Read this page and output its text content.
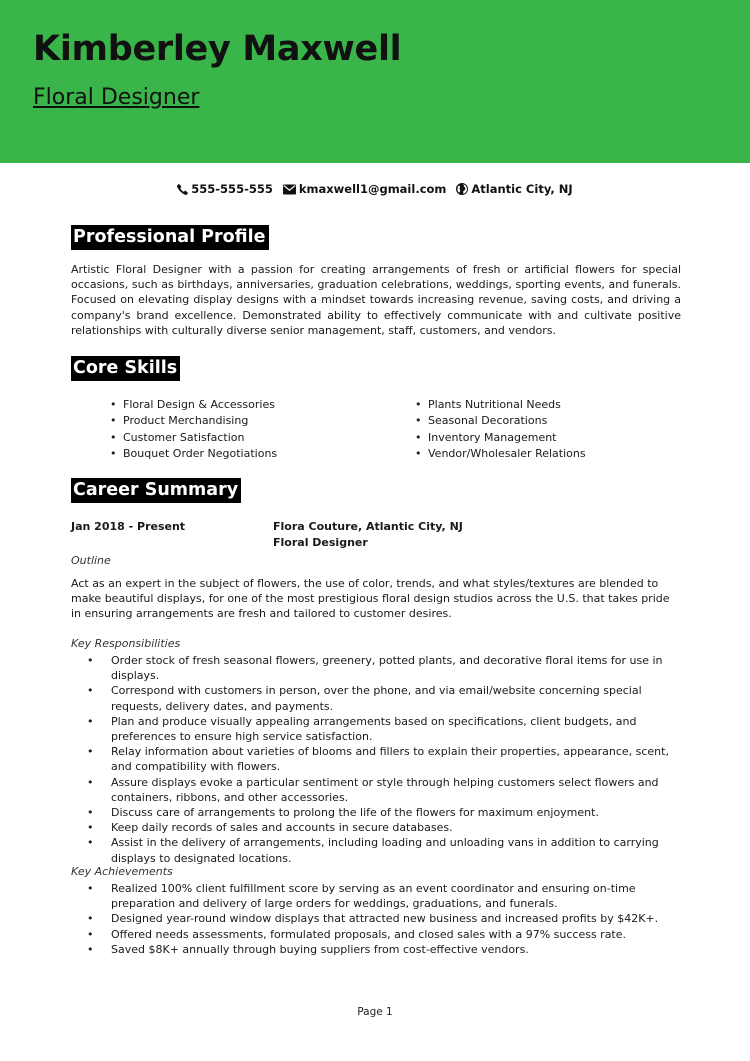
Kimberley Maxwell
Floral Designer
555-555-555 kmaxwell1@gmail.com Atlantic City, NJ
Professional Profile
Artistic Floral Designer with a passion for creating arrangements of fresh or artificial flowers for special occasions, such as birthdays, anniversaries, graduation celebrations, weddings, sporting events, and funerals. Focused on elevating display designs with a mindset towards increasing revenue, saving costs, and driving a company's brand excellence. Demonstrated ability to effectively communicate with and cultivate positive relationships with culturally diverse senior management, staff, customers, and vendors.
Core Skills
• Floral Design & Accessories
• Product Merchandising
• Customer Satisfaction
• Bouquet Order Negotiations
• Plants Nutritional Needs
• Seasonal Decorations
• Inventory Management
• Vendor/Wholesaler Relations
Career Summary
Jan 2018 - Present	Flora Couture, Atlantic City, NJ
Floral Designer
Outline
Act as an expert in the subject of flowers, the use of color, trends, and what styles/textures are blended to make beautiful displays, for one of the most prestigious floral design studios across the U.S. that takes pride in ensuring arrangements are fresh and tailored to customer desires.
Key Responsibilities
• Order stock of fresh seasonal flowers, greenery, potted plants, and decorative floral items for use in displays.
• Correspond with customers in person, over the phone, and via email/website concerning special requests, delivery dates, and payments.
• Plan and produce visually appealing arrangements based on specifications, client budgets, and preferences to ensure high service satisfaction.
• Relay information about varieties of blooms and fillers to explain their properties, appearance, scent, and compatibility with flowers.
• Assure displays evoke a particular sentiment or style through helping customers select flowers and containers, ribbons, and other accessories.
• Discuss care of arrangements to prolong the life of the flowers for maximum enjoyment.
• Keep daily records of sales and accounts in secure databases.
• Assist in the delivery of arrangements, including loading and unloading vans in addition to carrying displays to designated locations.
Key Achievements
• Realized 100% client fulfillment score by serving as an event coordinator and ensuring on-time preparation and delivery of large orders for weddings, graduations, and funerals.
• Designed year-round window displays that attracted new business and increased profits by $42K+.
• Offered needs assessments, formulated proposals, and closed sales with a 97% success rate.
• Saved $8K+ annually through buying suppliers from cost-effective vendors.
Page 1
